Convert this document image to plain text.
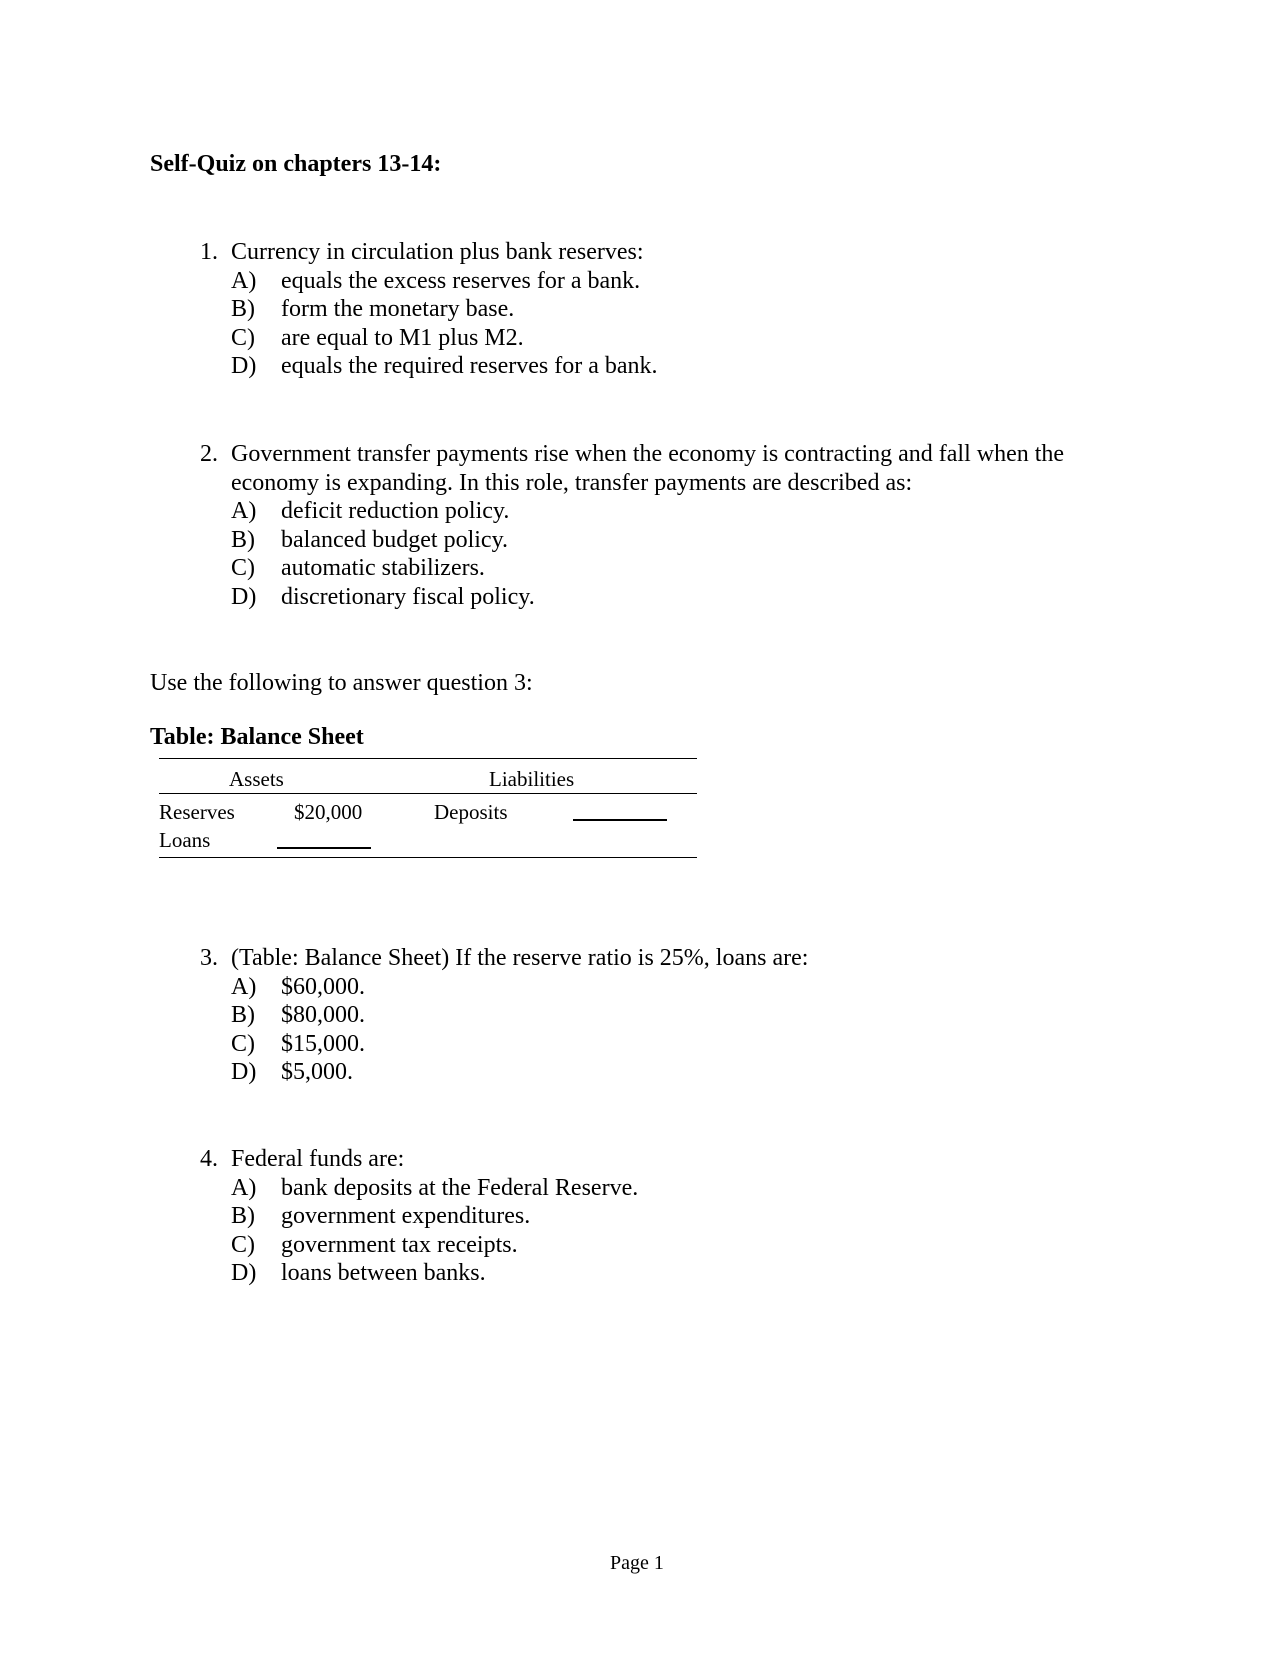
Self-Quiz on chapters 13-14:
1. Currency in circulation plus bank reserves:
A)	equals the excess reserves for a bank.
B)	form the monetary base.
C)	are equal to M1 plus M2.
D)	equals the required reserves for a bank.
2. Government transfer payments rise when the economy is contracting and fall when the economy is expanding. In this role, transfer payments are described as:
A)	deficit reduction policy.
B)	balanced budget policy.
C)	automatic stabilizers.
D)	discretionary fiscal policy.

Use the following to answer question 3:

Table: Balance Sheet

Assets	Liabilities
Reserves	$20,000	Deposits
Loans
3. (Table: Balance Sheet) If the reserve ratio is 25%, loans are:
A)	$60,000.
B)	$80,000.
C)	$15,000.
D)	$5,000.
4. Federal funds are:
A)	bank deposits at the Federal Reserve.
B)	government expenditures.
C)	government tax receipts.
D)	loans between banks.

Page 1
